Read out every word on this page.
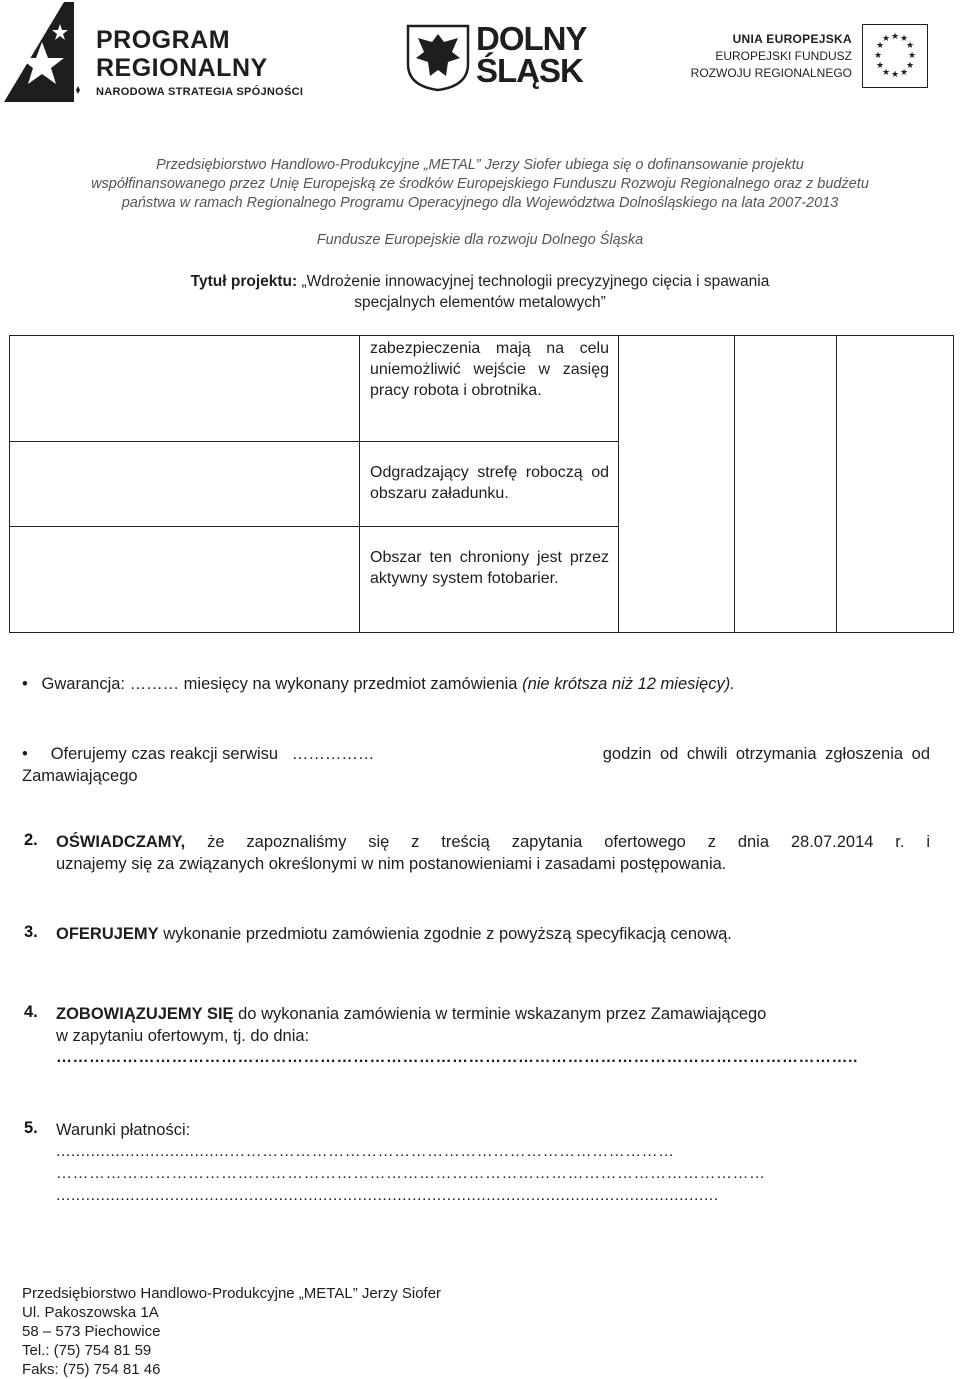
PROGRAM
REGIONALNY
NARODOWA STRATEGIA SPÓJNOŚCI
DOLNY
ŚLĄSK
UNIA EUROPEJSKA
EUROPEJSKI FUNDUSZ
ROZWOJU REGIONALNEGO
★ ★
★
★
★
★
★
★
★
★
★
★
Przedsiębiorstwo Handlowo-Produkcyjne „METAL” Jerzy Siofer ubiega się o dofinansowanie projektu
współfinansowanego przez Unię Europejską ze środków Europejskiego Funduszu Rozwoju Regionalnego oraz z budżetu
państwa w ramach Regionalnego Programu Operacyjnego dla Województwa Dolnośląskiego na lata 2007-2013
Fundusze Europejskie dla rozwoju Dolnego Śląska
Tytuł projektu: „Wdrożenie innowacyjnej technologii precyzyjnego cięcia i spawania
specjalnych elementów metalowych”

	zabezpieczenia mają na celu uniemożliwić wejście w zasięg pracy robota i obrotnika.			

	Odgradzający strefę roboczą od obszaru załadunku.			

	Obszar ten chroniony jest przez aktywny system fotobarier.			
• Gwarancja: ……… miesięcy na wykonany przedmiot zamówienia (nie krótsza niż 12 miesięcy).
• Oferujemy czas reakcji serwisu ……………	godzin od chwili otrzymania zgłoszenia od
Zamawiającego
2. OŚWIADCZAMY, że zapoznaliśmy się z treścią zapytania ofertowego z dnia 28.07.2014 r. i
uznajemy się za związanych określonymi w nim postanowieniami i zasadami postępowania.
3. OFERUJEMY wykonanie przedmiotu zamówienia zgodnie z powyższą specyfikacją cenową.
4. ZOBOWIĄZUJEMY SIĘ do wykonania zamówienia w terminie wskazanym przez Zamawiającego
w zapytaniu ofertowym, tj. do dnia:
………………………………………………………………………………………………………………………………..
5. Warunki płatności:
...................................………………………………………………………………………
…………………………………………………………………………………………………………………
......................................................................................................................................
Przedsiębiorstwo Handlowo-Produkcyjne „METAL” Jerzy Siofer
Ul. Pakoszowska 1A
58 – 573 Piechowice
Tel.: (75) 754 81 59
Faks: (75) 754 81 46
